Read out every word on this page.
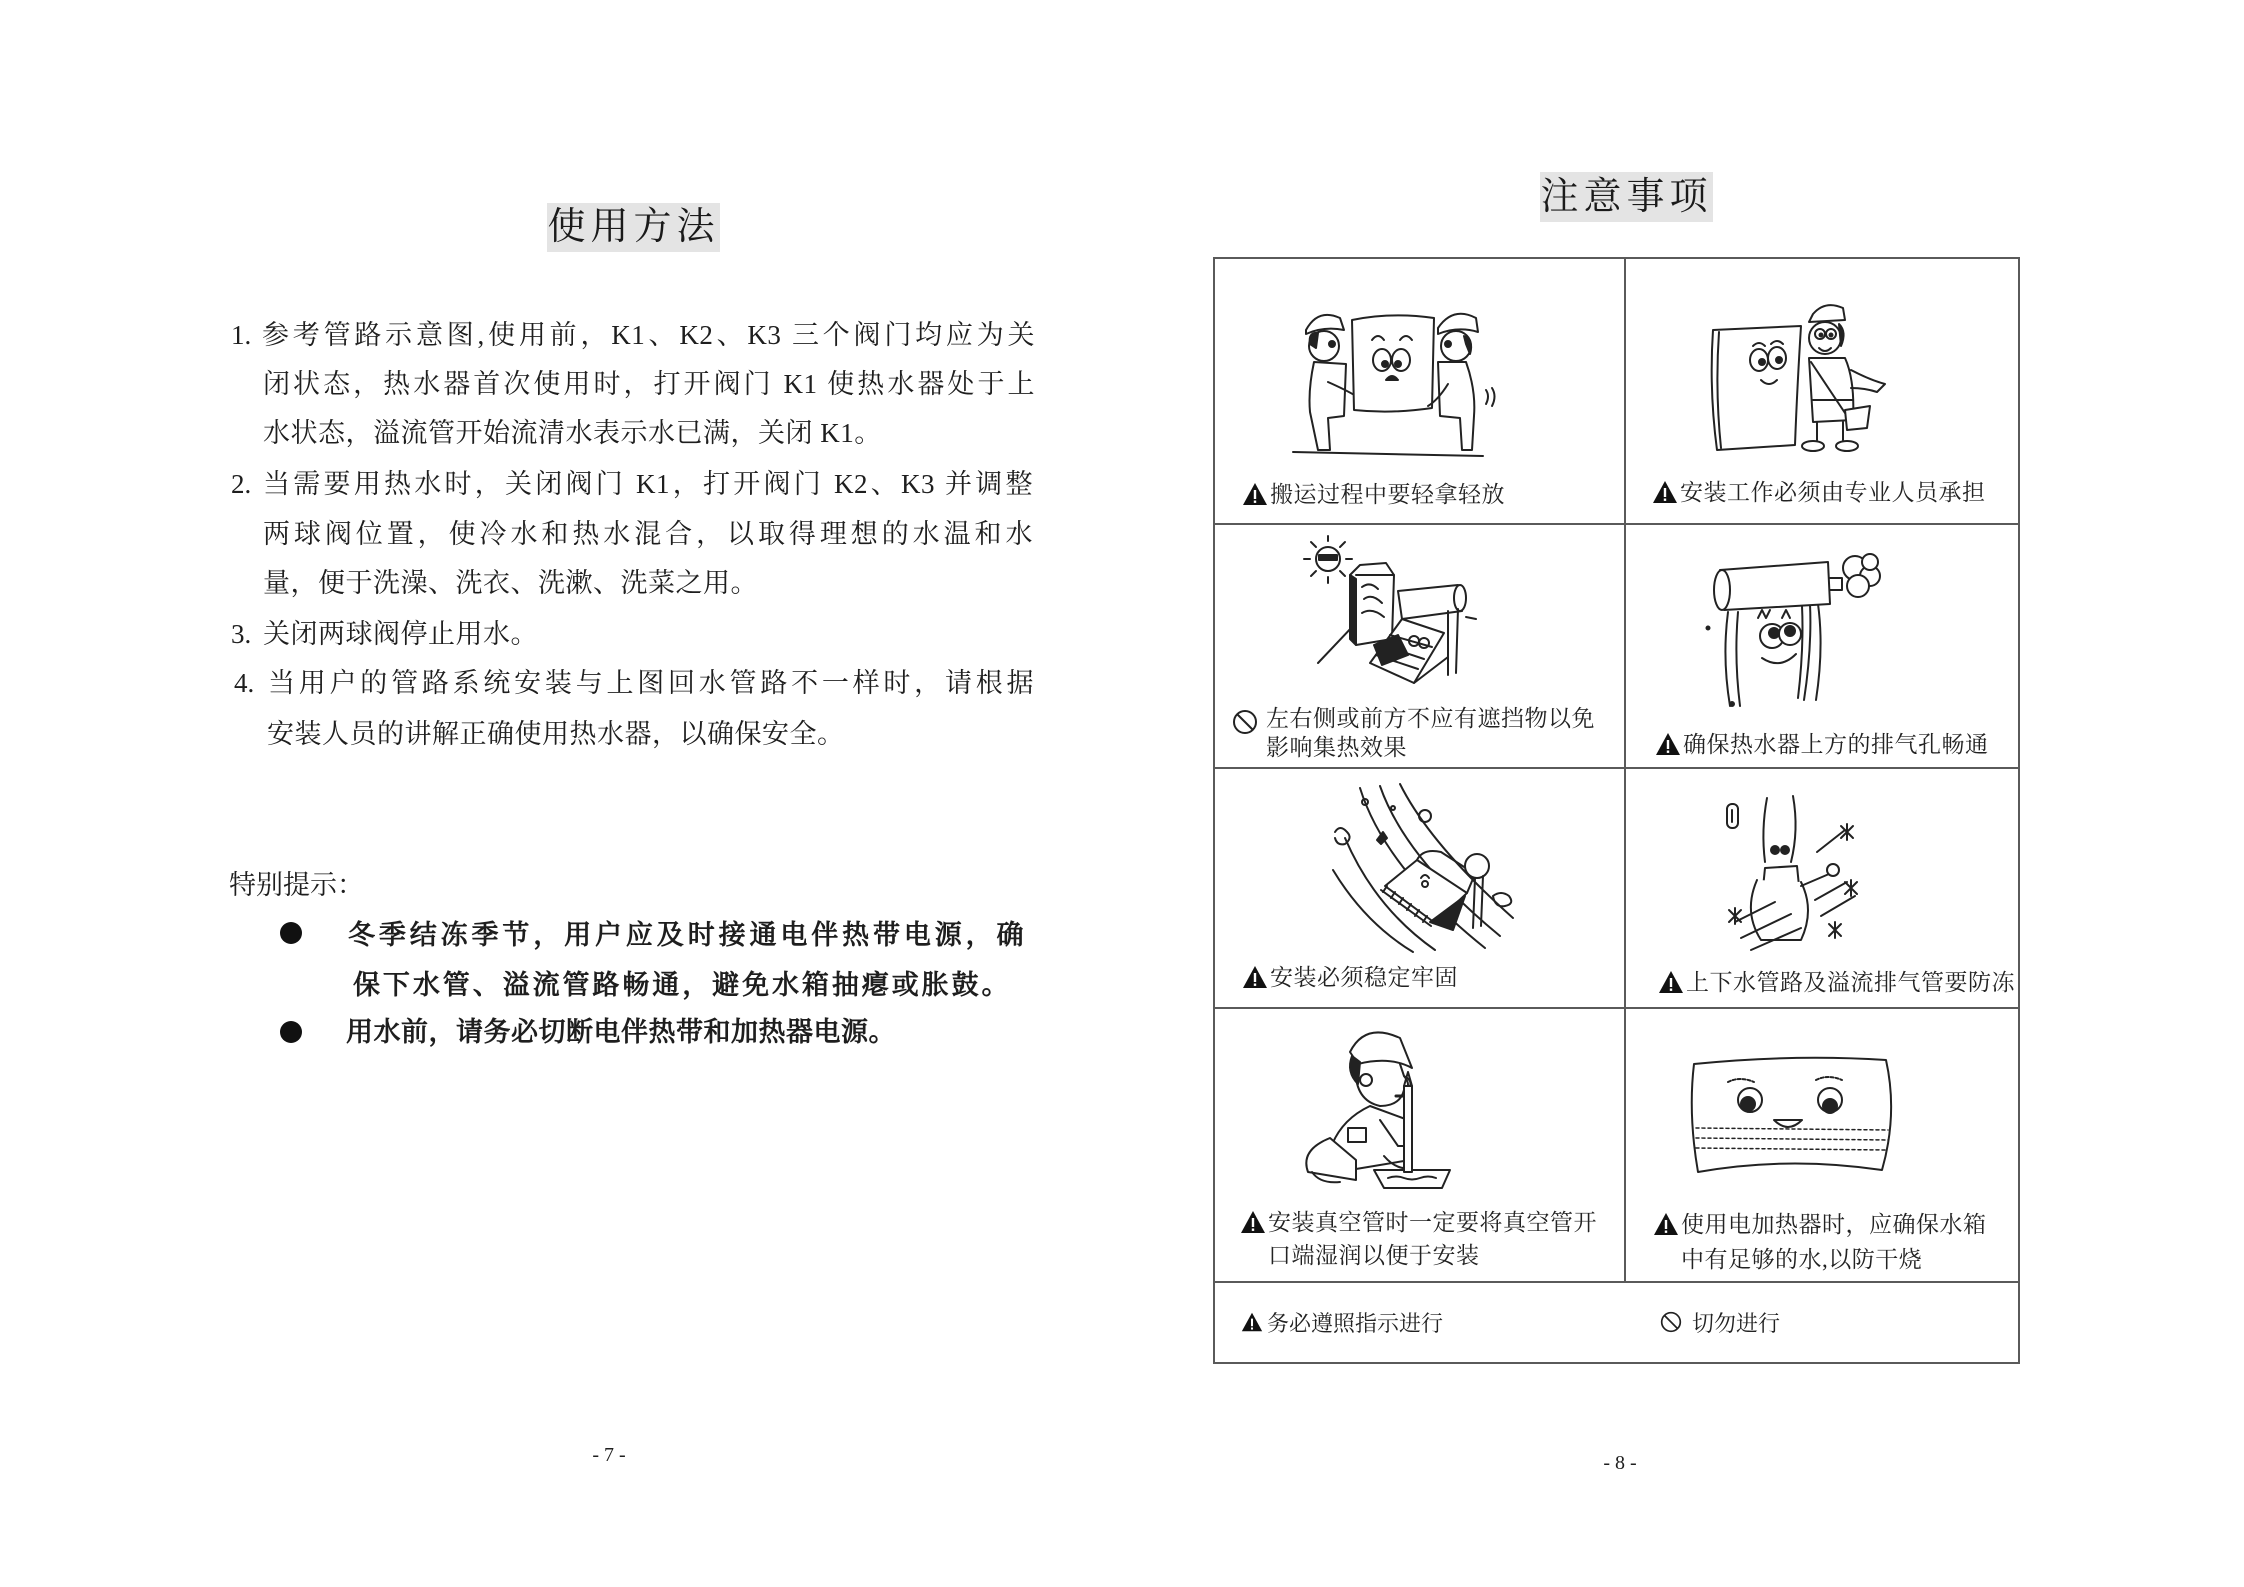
使用方法
1. 参考管路示意图,使用前，K1、K2、K3 三个阀门均应为关
闭状态，热水器首次使用时，打开阀门 K1 使热水器处于上
水状态，溢流管开始流清水表示水已满，关闭 K1。
2. 当需要用热水时，关闭阀门 K1，打开阀门 K2、K3 并调整
两球阀位置，使冷水和热水混合，以取得理想的水温和水
量，便于洗澡、洗衣、洗漱、洗菜之用。
3. 关闭两球阀停止用水。
4. 当用户的管路系统安装与上图回水管路不一样时，请根据
安装人员的讲解正确使用热水器，以确保安全。
特别提示：
冬季结冻季节，用户应及时接通电伴热带电源，确
保下水管、溢流管路畅通，避免水箱抽瘪或胀鼓。
用水前，请务必切断电伴热带和加热器电源。
- 7 -
注意事项
搬运过程中要轻拿轻放	安装工作必须由专业人员承担
左右侧或前方不应有遮挡物以免
影响集热效果	确保热水器上方的排气孔畅通
安装必须稳定牢固	上下水管路及溢流排气管要防冻
安装真空管时一定要将真空管开
口端湿润以便于安装
使用电加热器时，应确保水箱
中有足够的水,以防干烧
务必遵照指示进行	切勿进行
- 8 -
